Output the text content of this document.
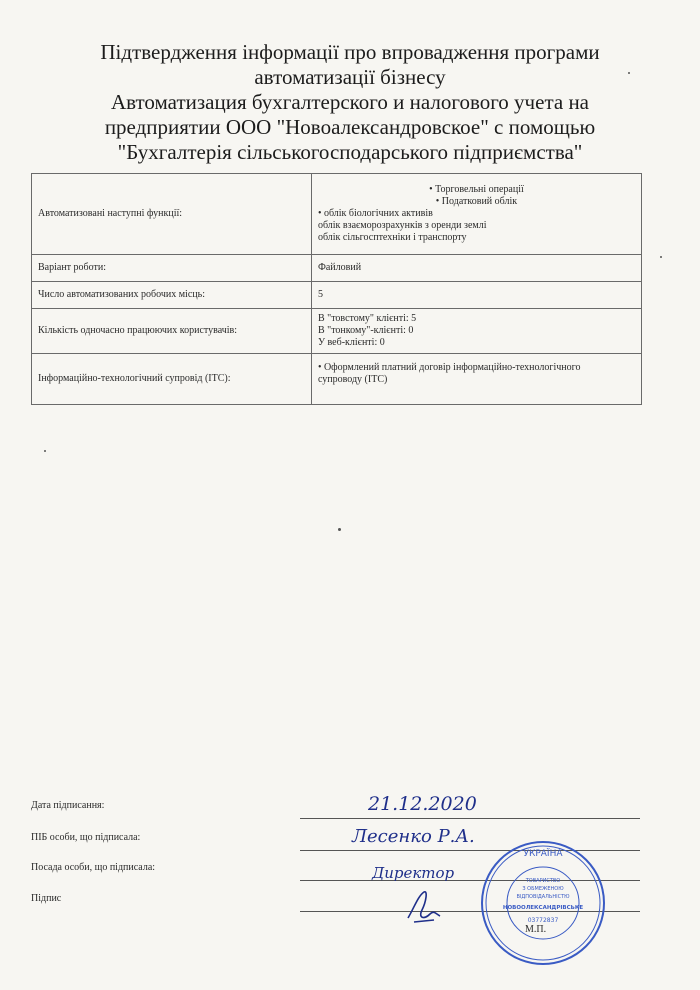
Підтвердження інформації про впровадження програми
автоматизації бізнесу
Автоматизация бухгалтерского и налогового учета на
предприятии ООО "Новоалександровское" с помощью
"Бухгалтерія сільськогосподарського підприємства"
Автоматизовані наступні функції:	• Торговельні операції
• Податковий облік
• облік біологічних активів
облік взаєморозрахунків з оренди землі
облік сільгосптехніки і транспорту

Варіант роботи:	Файловий
Число автоматизованих робочих місць:	5
Кількість одночасно працюючих користувачів:	В "товстому" клієнті: 5
В "тонкому"-клієнті: 0
У веб-клієнті: 0

Інформаційно-технологічний супровід (ІТС):	• Оформлений платний договір інформаційно-технологічного
супроводу (ІТС)
Дата підписання:	21.12.2020
ПІБ особи, що підписала:	Лесенко Р.А.
Посада особи, що підписала:	Директор
Підпис
М.П.
УКРАЇНА
ТОВАРИСТВО
З ОБМЕЖЕНОЮ
ВІДПОВІДАЛЬНІСТЮ
НОВООЛЕКСАНДРІВСЬКЕ
03772837
